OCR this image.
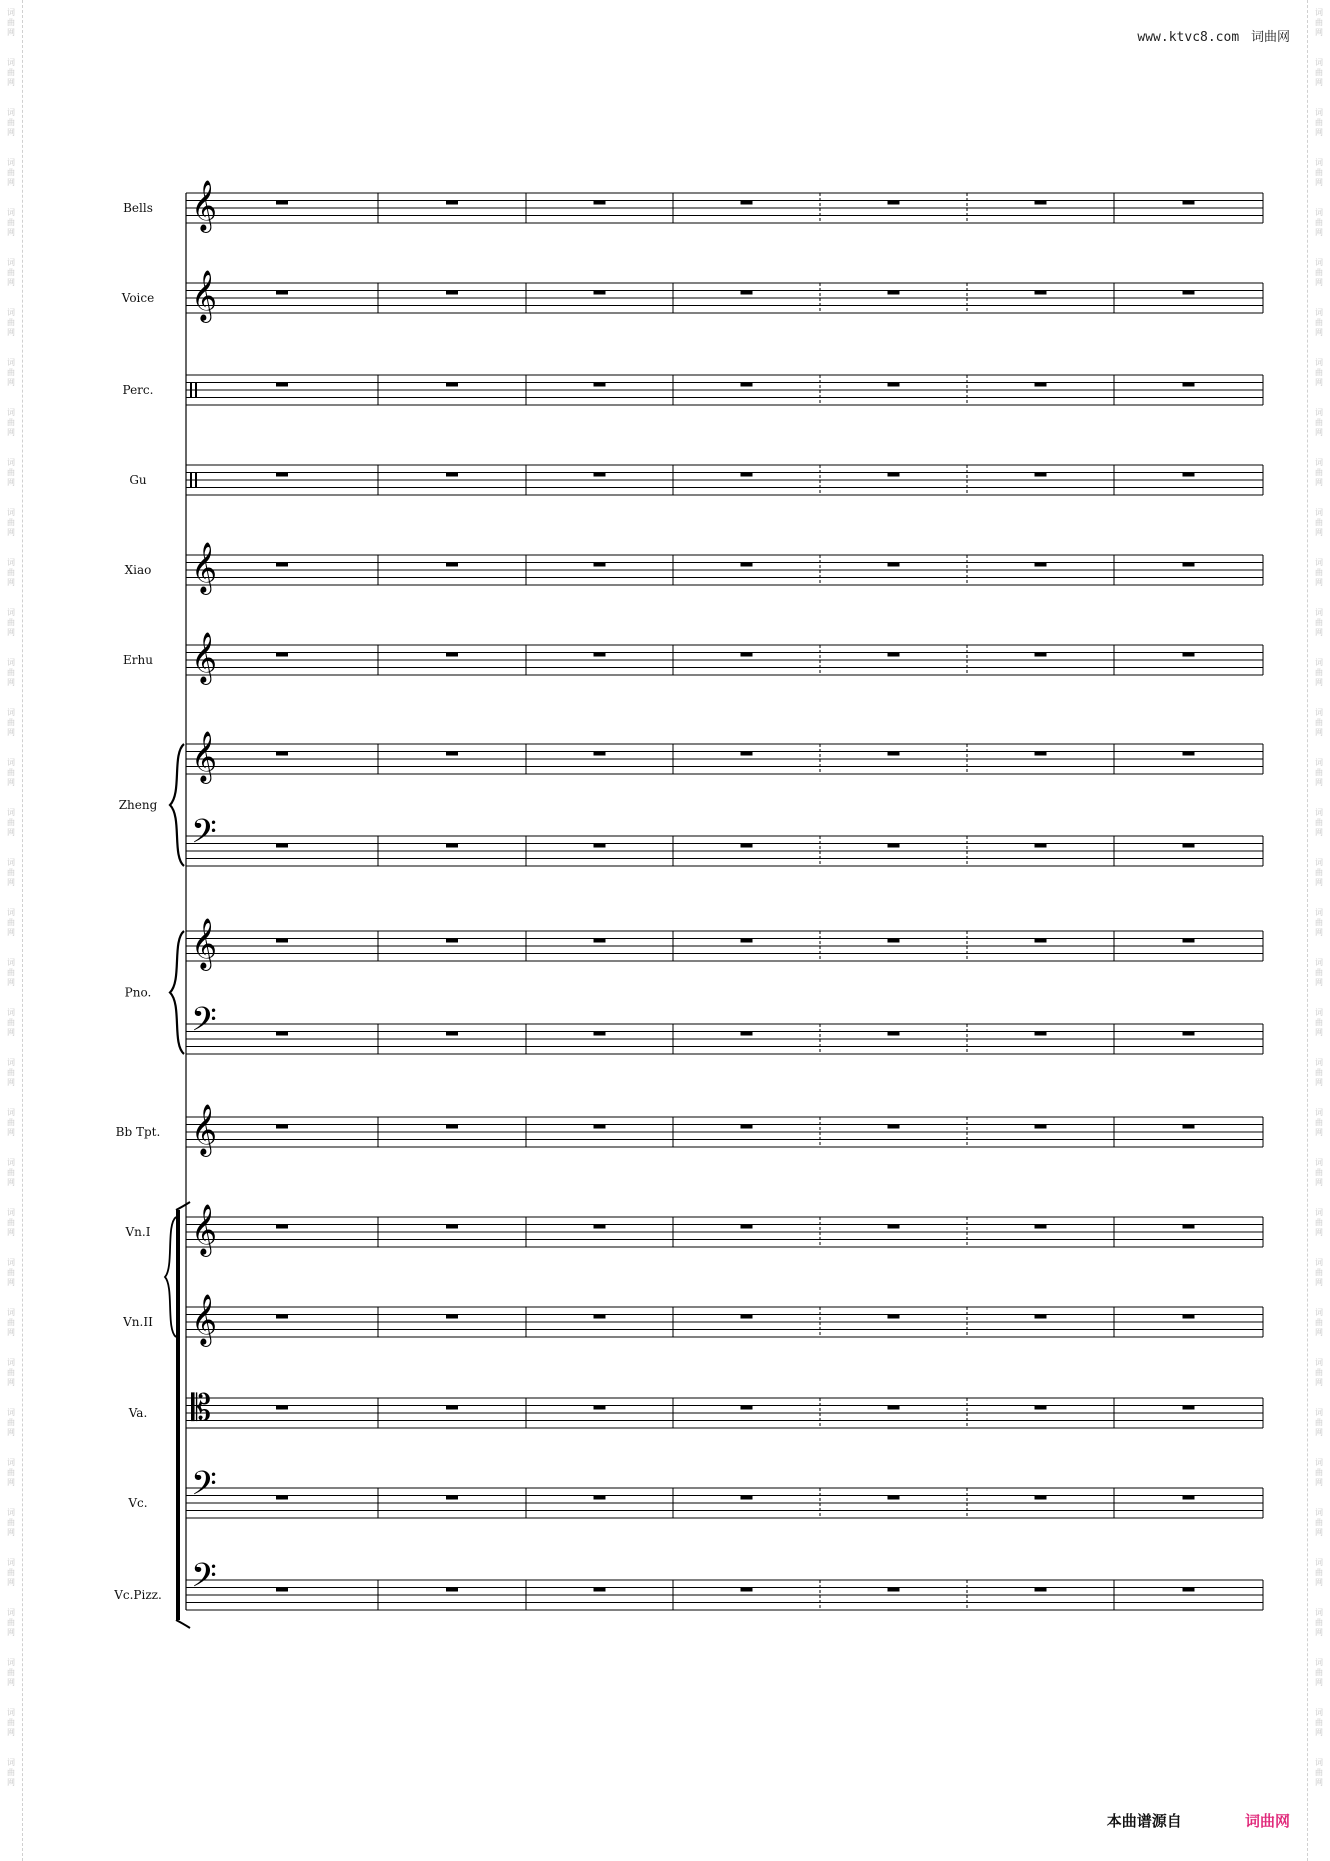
词
曲
网
词
曲
网
词
曲
网
词
曲
网
词
曲
网
词
曲
网
词
曲
网
词
曲
网
词
曲
网
词
曲
网
词
曲
网
词
曲
网
词
曲
网
词
曲
网
词
曲
网
词
曲
网
词
曲
网
词
曲
网
词
曲
网
词
曲
网
词
曲
网
词
曲
网
词
曲
网
词
曲
网
词
曲
网
词
曲
网
词
曲
网
词
曲
网
词
曲
网
词
曲
网
词
曲
网
词
曲
网
词
曲
网
词
曲
网
词
曲
网
词
曲
网
词
曲
网
词
曲
网
词
曲
网
词
曲
网
词
曲
网
词
曲
网
词
曲
网
词
曲
网
词
曲
网
词
曲
网
词
曲
网
词
曲
网
词
曲
网
词
曲
网
词
曲
网
词
曲
网
词
曲
网
词
曲
网
词
曲
网
词
曲
网
词
曲
网
词
曲
网
词
曲
网
词
曲
网
词
曲
网
词
曲
网
词
曲
网
词
曲
网
词
曲
网
词
曲
网
词
曲
网
词
曲
网
词
曲
网
词
曲
网
词
曲
网
词
曲
网
www.ktvc8.com 词曲网
Bells 𝄞
Voice 𝄞
Perc.
Gu
Xiao 𝄞
Erhu 𝄞
Zheng
𝄞
𝄢
Pno.
𝄞
𝄢
Bb Tpt. 𝄞
Vn.I 𝄞
Vn.II 𝄞
Va. 𝄡
Vc. 𝄢
Vc.Pizz. 𝄢
本曲谱源自	词曲网
